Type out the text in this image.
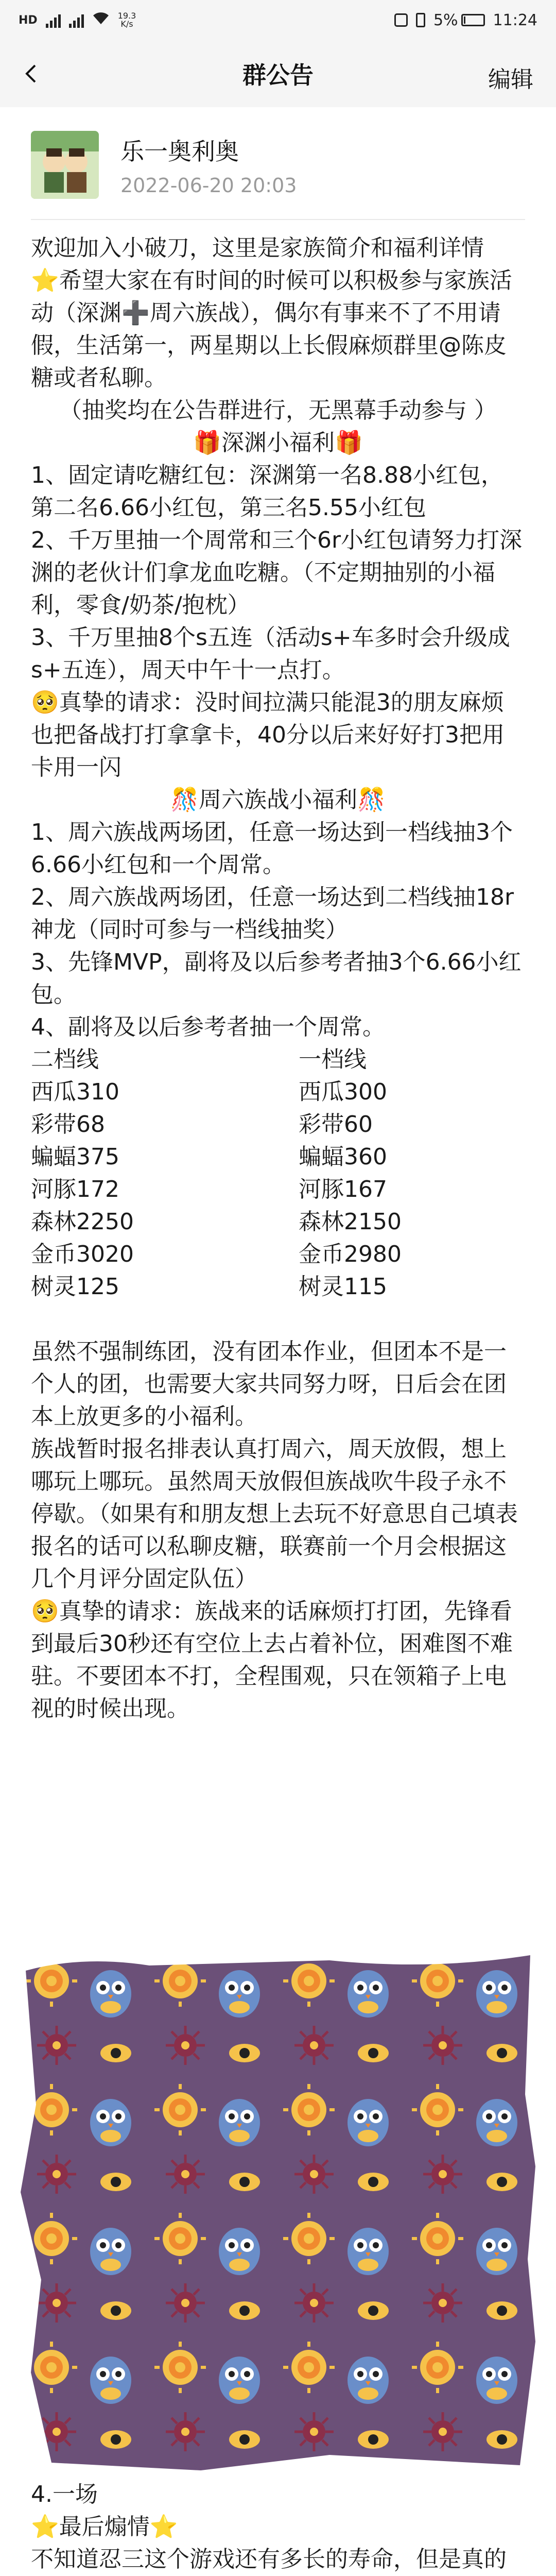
HD	19.3
K/s	5% 11:24
群公告	编辑
乐一奥利奥
2022-06-20 20:03

欢迎加入小破刀，这里是家族简介和福利详情

⭐希望大家在有时间的时候可以积极参与家族活动（深渊➕周六族战），偶尔有事来不了不用请假，生活第一，两星期以上长假麻烦群里@陈皮糖或者私聊。

（抽奖均在公告群进行，无黑幕手动参与 ）

🎁深渊小福利🎁

1、固定请吃糖红包：深渊第一名8.88小红包，第二名6.66小红包，第三名5.55小红包

2、千万里抽一个周常和三个6r小红包请努力打深渊的老伙计们拿龙血吃糖。（不定期抽别的小福利，零食/奶茶/抱枕）

3、千万里抽8个s五连（活动s+车多时会升级成s+五连），周天中午十一点打。

🥺真挚的请求：没时间拉满只能混3的朋友麻烦也把备战打打拿拿卡，40分以后来好好打3把用卡用一闪

🎊周六族战小福利🎊

1、周六族战两场团，任意一场达到一档线抽3个6.66小红包和一个周常。

2、周六族战两场团，任意一场达到二档线抽18r神龙（同时可参与一档线抽奖）

3、先锋MVP，副将及以后参考者抽3个6.66小红包。

4、副将及以后参考者抽一个周常。

二档线	一档线
西瓜310	西瓜300
彩带68	彩带60
蝙蝠375	蝙蝠360
河豚172	河豚167
森林2250	森林2150
金币3020	金币2980
树灵125	树灵115

虽然不强制练团，没有团本作业，但团本不是一个人的团，也需要大家共同努力呀，日后会在团本上放更多的小福利。

族战暂时报名排表认真打周六，周天放假，想上哪玩上哪玩。虽然周天放假但族战吹牛段子永不停歇。（如果有和朋友想上去玩不好意思自己填表报名的话可以私聊皮糖，联赛前一个月会根据这几个月评分固定队伍）

🥺真挚的请求：族战来的话麻烦打打团，先锋看到最后30秒还有空位上去占着补位，困难图不难驻。不要团本不打，全程围观，只在领箱子上电视的时候出现。

4.一场

⭐最后煽情⭐

不知道忍三这个游戏还有多长的寿命，但是真的
